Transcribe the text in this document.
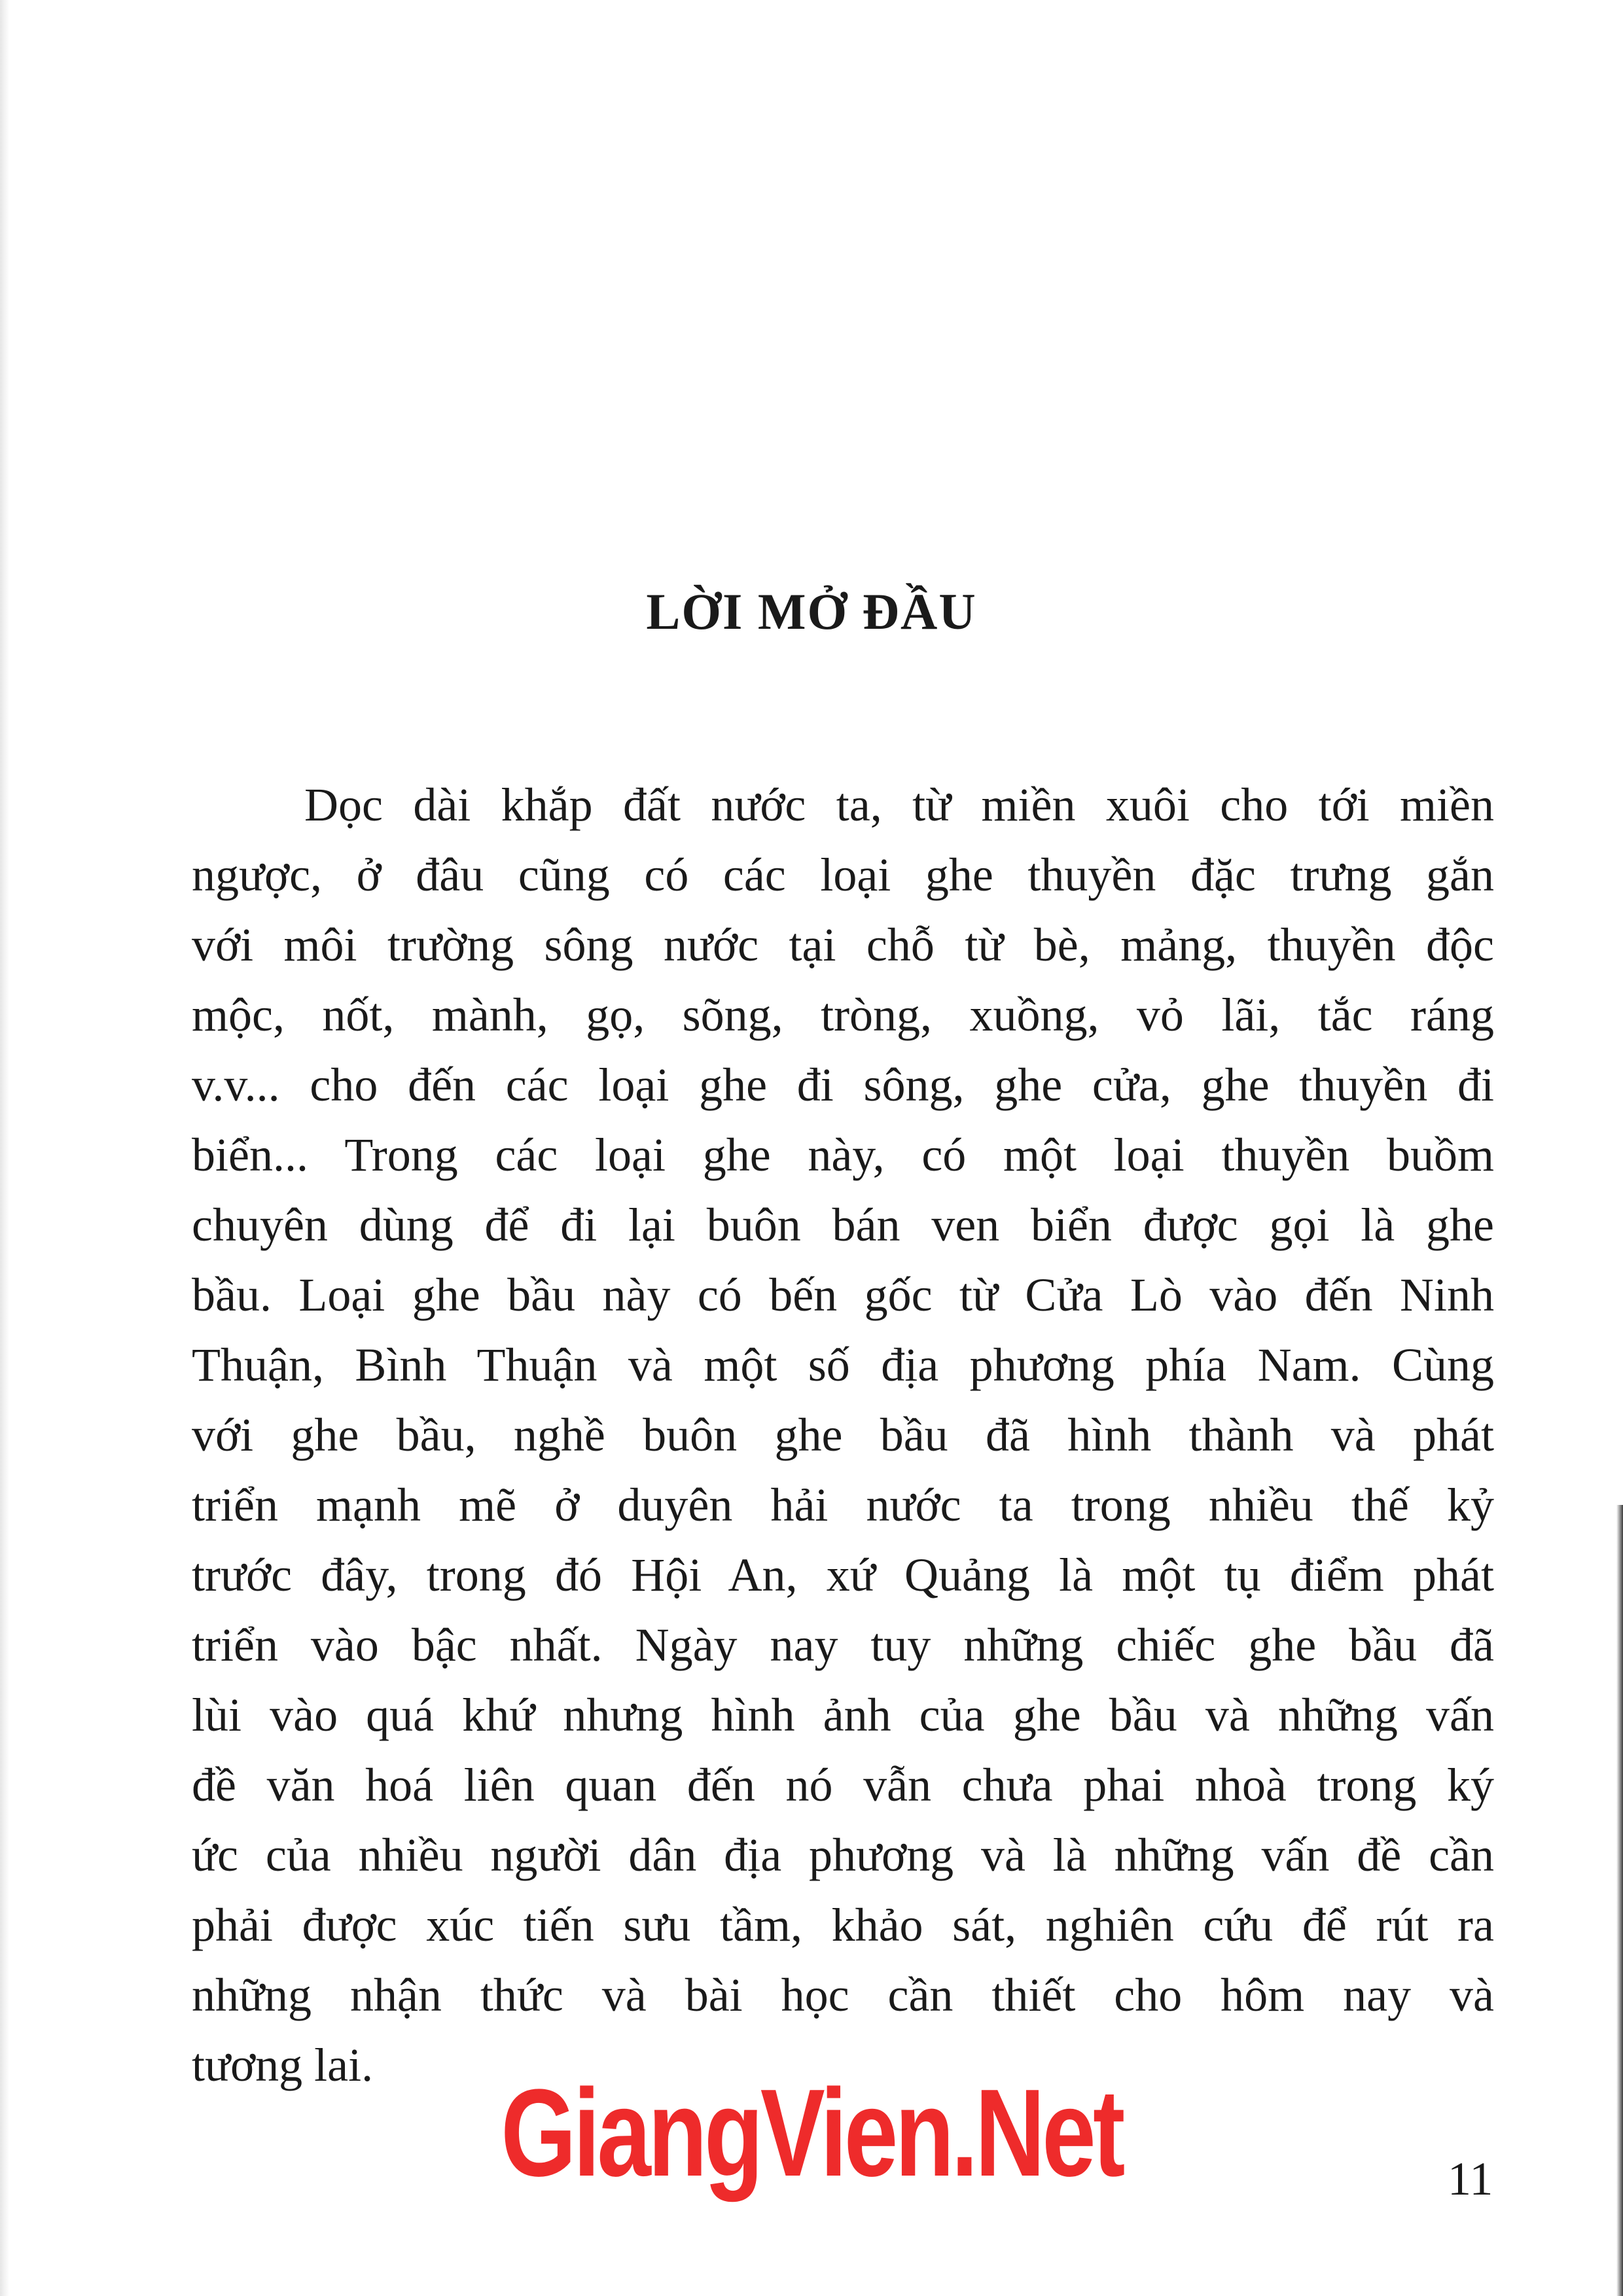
LỜI MỞ ĐẦU
Dọc dài khắp đất nước ta, từ miền xuôi cho tới miền
ngược, ở đâu cũng có các loại ghe thuyền đặc trưng gắn
với môi trường sông nước tại chỗ từ bè, mảng, thuyền độc
mộc, nốt, mành, gọ, sõng, tròng, xuồng, vỏ lãi, tắc ráng
v.v... cho đến các loại ghe đi sông, ghe cửa, ghe thuyền đi
biển... Trong các loại ghe này, có một loại thuyền buồm
chuyên dùng để đi lại buôn bán ven biển được gọi là ghe
bầu. Loại ghe bầu này có bến gốc từ Cửa Lò vào đến Ninh
Thuận, Bình Thuận và một số địa phương phía Nam. Cùng
với ghe bầu, nghề buôn ghe bầu đã hình thành và phát
triển mạnh mẽ ở duyên hải nước ta trong nhiều thế kỷ
trước đây, trong đó Hội An, xứ Quảng là một tụ điểm phát
triển vào bậc nhất. Ngày nay tuy những chiếc ghe bầu đã
lùi vào quá khứ nhưng hình ảnh của ghe bầu và những vấn
đề văn hoá liên quan đến nó vẫn chưa phai nhoà trong ký
ức của nhiều người dân địa phương và là những vấn đề cần
phải được xúc tiến sưu tầm, khảo sát, nghiên cứu để rút ra
những nhận thức và bài học cần thiết cho hôm nay và
tương lai.	GiangVien.Net	11
